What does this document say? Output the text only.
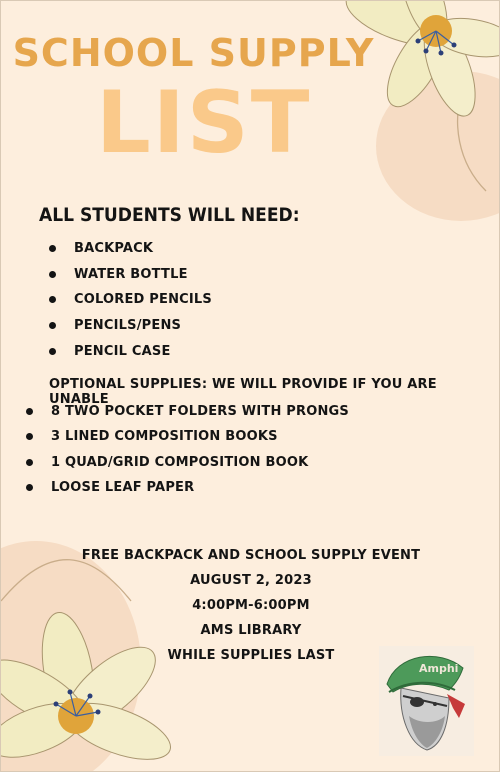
SCHOOL SUPPLY
LIST
ALL STUDENTS WILL NEED:
BACKPACK
WATER BOTTLE
COLORED PENCILS
PENCILS/PENS
PENCIL CASE
OPTIONAL SUPPLIES: WE WILL PROVIDE IF YOU ARE UNABLE
8 TWO POCKET FOLDERS WITH PRONGS
3 LINED COMPOSITION BOOKS
1 QUAD/GRID COMPOSITION BOOK
LOOSE LEAF PAPER
FREE BACKPACK AND SCHOOL SUPPLY EVENT
AUGUST 2, 2023
4:00PM-6:00PM
AMS LIBRARY
WHILE SUPPLIES LAST
Amphi
